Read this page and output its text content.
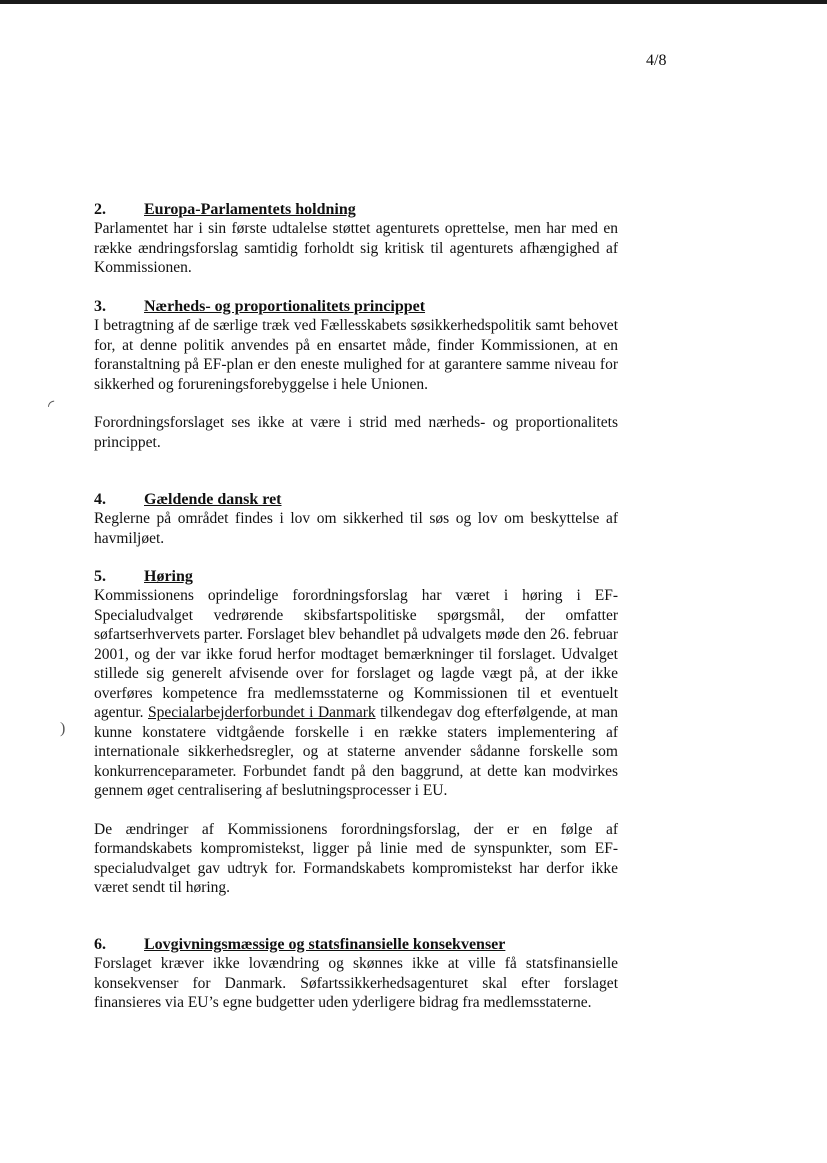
◜
)
4/8
2.	Europa-Parlamentets holdning

Parlamentet har i sin første udtalelse støttet agenturets oprettelse, men har med en række ændringsforslag samtidig forholdt sig kritisk til agenturets afhængighed af Kommissionen.

3.	Nærheds- og proportionalitets princippet

I betragtning af de særlige træk ved Fællesskabets søsikkerhedspolitik samt behovet for, at denne politik anvendes på en ensartet måde, finder Kommissionen, at en foranstaltning på EF-plan er den eneste mulighed for at garantere samme niveau for sikkerhed og forureningsforebyggelse i hele Unionen.

Forordningsforslaget ses ikke at være i strid med nærheds- og proportionalitets princippet.

4.	Gældende dansk ret

Reglerne på området findes i lov om sikkerhed til søs og lov om beskyttelse af havmiljøet.

5.	Høring

Kommissionens oprindelige forordningsforslag har været i høring i EF-Specialudvalget vedrørende skibsfartspolitiske spørgsmål, der omfatter søfartserhvervets parter. Forslaget blev behandlet på udvalgets møde den 26. februar 2001, og der var ikke forud herfor modtaget bemærkninger til forslaget. Udvalget stillede sig generelt afvisende over for forslaget og lagde vægt på, at der ikke overføres kompetence fra medlemsstaterne og Kommissionen til et eventuelt agentur. Specialarbejderforbundet i Danmark tilkendegav dog efterfølgende, at man kunne konstatere vidtgående forskelle i en række staters implementering af internationale sikkerhedsregler, og at staterne anvender sådanne forskelle som konkurrenceparameter. Forbundet fandt på den baggrund, at dette kan modvirkes gennem øget centralisering af beslutningsprocesser i EU.

De ændringer af Kommissionens forordningsforslag, der er en følge af formandskabets kompromistekst, ligger på linie med de synspunkter, som EF-specialudvalget gav udtryk for. Formandskabets kompromistekst har derfor ikke været sendt til høring.

6.	Lovgivningsmæssige og statsfinansielle konsekvenser

Forslaget kræver ikke lovændring og skønnes ikke at ville få statsfinansielle konsekvenser for Danmark. Søfartssikkerhedsagenturet skal efter forslaget finansieres via EU’s egne budgetter uden yderligere bidrag fra medlemsstaterne.
